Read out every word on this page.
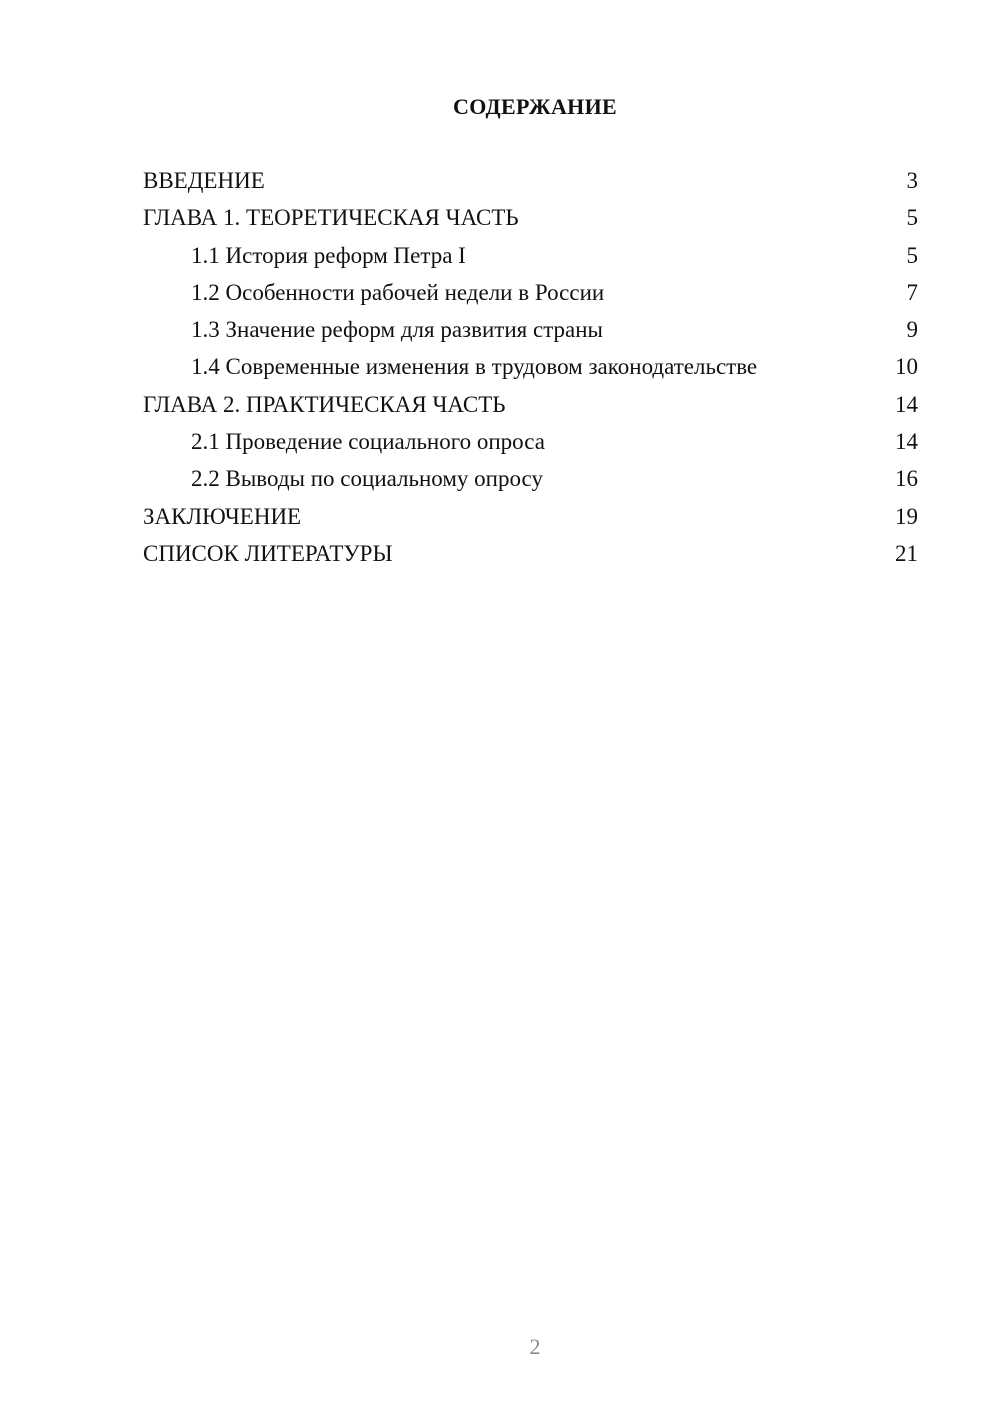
СОДЕРЖАНИЕ
ВВЕДЕНИЕ	3
ГЛАВА 1. ТЕОРЕТИЧЕСКАЯ ЧАСТЬ	5
1.1 История реформ Петра I	5
1.2 Особенности рабочей недели в России	7
1.3 Значение реформ для развития страны	9
1.4 Современные изменения в трудовом законодательстве	10
ГЛАВА 2. ПРАКТИЧЕСКАЯ ЧАСТЬ	14
2.1 Проведение социального опроса	14
2.2 Выводы по социальному опросу	16
ЗАКЛЮЧЕНИЕ	19
СПИСОК ЛИТЕРАТУРЫ	21
2
